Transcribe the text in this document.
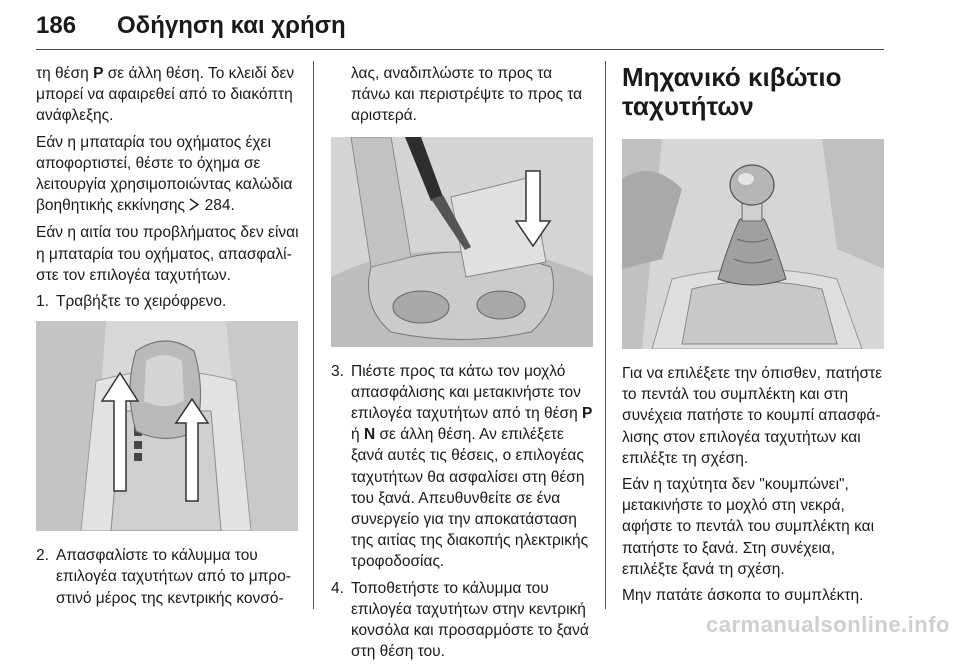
186 Οδήγηση και χρήση

τη θέση P σε άλλη θέση. Το κλειδί δεν μπορεί να αφαιρεθεί από το διακόπτη ανάφλεξης.

Εάν η μπαταρία του οχήματος έχει αποφορτιστεί, θέστε το όχημα σε λειτουργία χρησιμοποιώντας καλώδια βοηθητικής εκκίνησης  284.

Εάν η αιτία του προβλήματος δεν είναι η μπαταρία του οχήματος, απασφαλίστε τον επιλογέα ταχυτήτων.

1. Τραβήξτε το χειρόφρενο.
2. Απασφαλίστε το κάλυμμα του επιλογέα ταχυτήτων από το μπροστινό μέρος της κεντρικής κονσό-
λας, αναδιπλώστε το προς τα πάνω και περιστρέψτε το προς τα αριστερά.
3. Πιέστε προς τα κάτω τον μοχλό απασφάλισης και μετακινήστε τον επιλογέα ταχυτήτων από τη θέση P ή N σε άλλη θέση. Αν επιλέξετε ξανά αυτές τις θέσεις, ο επιλογέας ταχυτήτων θα ασφαλίσει στη θέση του ξανά. Απευθυνθείτε σε ένα συνεργείο για την αποκατάσταση της αιτίας της διακοπής ηλεκτρικής τροφοδοσίας.
4. Τοποθετήστε το κάλυμμα του επιλογέα ταχυτήτων στην κεντρική κονσόλα και προσαρμόστε το ξανά στη θέση του.
Μηχανικό κιβώτιο ταχυτήτων

Για να επιλέξετε την όπισθεν, πατήστε το πεντάλ του συμπλέκτη και στη συνέχεια πατήστε το κουμπί απασφάλισης στον επιλογέα ταχυτήτων και επιλέξτε τη σχέση.

Εάν η ταχύτητα δεν "κουμπώνει", μετακινήστε το μοχλό στη νεκρά, αφήστε το πεντάλ του συμπλέκτη και πατήστε το ξανά. Στη συνέχεια, επιλέξτε ξανά τη σχέση.

Μην πατάτε άσκοπα το συμπλέκτη.

carmanualsonline.info
